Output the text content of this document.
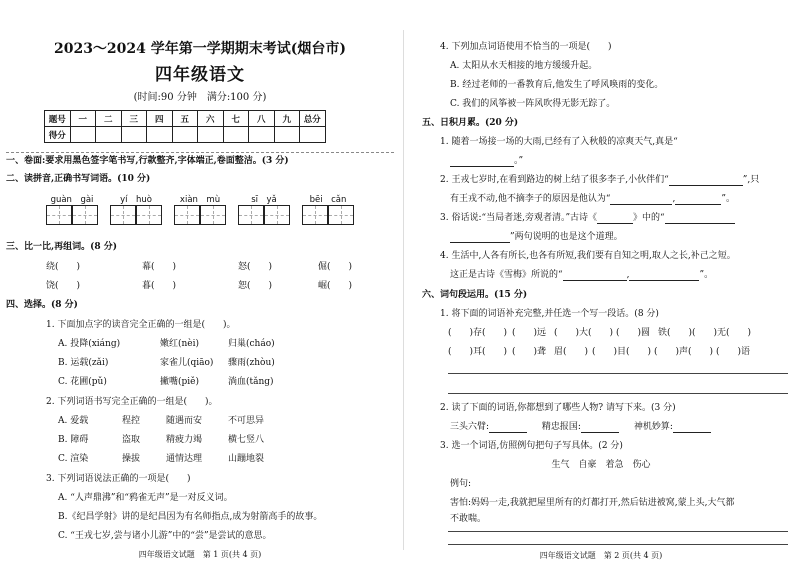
2023～2024 学年第一学期期末考试(烟台市)
四年级语文
(时间:90 分钟　满分:100 分)
题号	一	二	三	四	五	六	七	八	九	总分
得分										
一、卷面:要求用黑色签字笔书写,行款整齐,字体端正,卷面整洁。(3 分)
二、读拼音,正确书写词语。(10 分)
guàn　gài	yí　huò	xiàn　mù	sī　yǎ	bēi　cǎn
三、比一比,再组词。(8 分)
绕(　　)	幕(　　)	怒(　　)	倔(　　)
饶(　　)	暮(　　)	恕(　　)	崛(　　)
四、选择。(8 分)
1. 下面加点字的读音完全正确的一组是(　　)。
A. 投降(xiáng)	嫩红(nèi)	归巢(cháo)
B. 运载(zǎi)	家雀儿(qiāo) 骤雨(zhòu)
C. 花圃(pǔ)	撇嘴(piě)	淌血(tǎng)
2. 下列词语书写完全正确的一组是(　　)。
A. 爱载	程控	随遇而安	不可思异
B. 障碍	盗取	精疲力竭	横七竖八
C. 渲染	操拔	通情达理	山蹦地裂
3. 下列词语说法正确的一项是(　　)
A. “人声鼎沸”和“鸦雀无声”是一对反义词。
B.《纪昌学射》讲的是纪昌因为有名师指点,成为射箭高手的故事。
C. “王戎七岁,尝与诸小儿游”中的“尝”是尝试的意思。
四年级语文试题　第 1 页(共 4 页)
4. 下列加点词语使用不恰当的一项是(　　)
A. 太阳从水天相接的地方缓缓升起。
B. 经过老师的一番教育后,他发生了呼风唤雨的变化。
C. 我们的风筝被一阵风吹得无影无踪了。
五、日积月累。(20 分)
1. 随着一场接一场的大雨,已经有了入秋般的凉爽天气,真是“
。”
2. 王戎七岁时,在看到路边的树上结了很多李子,小伙伴们“	”,只
有王戎不动,他不摘李子的原因是他认为“	,	”。
3. 俗话说:“当局者迷,旁观者清。”古诗《	》中的“
”两句说明的也是这个道理。
4. 生活中,人各有所长,也各有所短,我们要有自知之明,取人之长,补己之短。
这正是古诗《雪梅》所说的“	,	”。
六、词句段运用。(15 分)
1. 将下面的词语补充完整,并任选一个写一段话。(8 分)
(　　)存(　　) (　　)远 (　　)大(　　) (　　)圆 铁(　　) (　　)无(　　)
(　　)耳(　　) (　　)聋 眉(　　) (　　)目(　　) (　　)声(　　) (　　)语
2. 读了下面的词语,你都想到了哪些人物? 请写下来。(3 分)
三头六臂:	精忠报国:	神机妙算:
3. 选一个词语,仿照例句把句子写具体。(2 分)
生气　自豪　着急　伤心
例句:
害怕:妈妈一走,我就把屋里所有的灯都打开,然后钻进被窝,蒙上头,大气都
不敢喘。
四年级语文试题　第 2 页(共 4 页)
